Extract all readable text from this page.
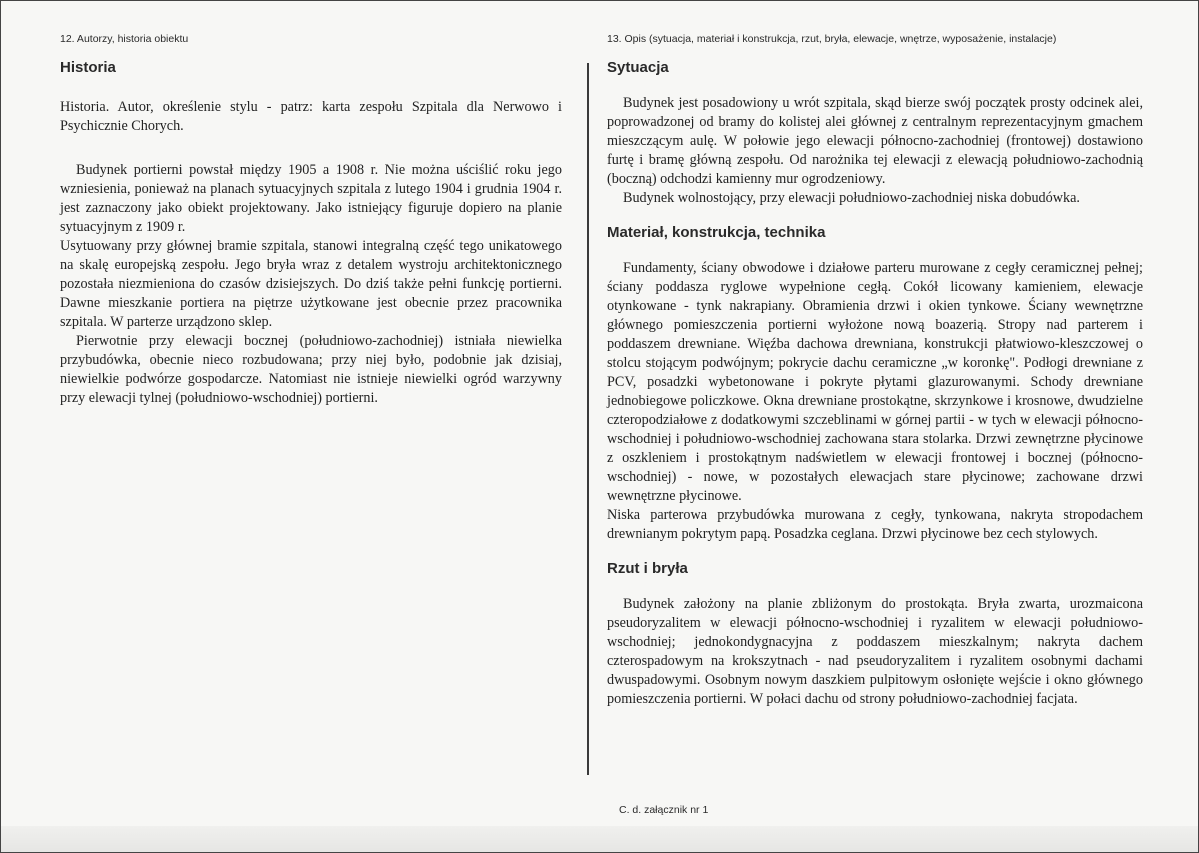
12. Autorzy, historia obiektu

Historia

Historia. Autor, określenie stylu - patrz: karta zespołu Szpitala dla Nerwowo i Psychicznie Chorych.

Budynek portierni powstał między 1905 a 1908 r. Nie można uściślić roku jego wzniesienia, ponieważ na planach sytuacyjnych szpitala z lutego 1904 i grudnia 1904 r. jest zaznaczony jako obiekt projektowany. Jako istniejący figuruje dopiero na planie sytuacyjnym z 1909 r.

Usytuowany przy głównej bramie szpitala, stanowi integralną część tego unikatowego na skalę europejską zespołu. Jego bryła wraz z detalem wystroju architektonicznego pozostała niezmieniona do czasów dzisiejszych. Do dziś także pełni funkcję portierni. Dawne mieszkanie portiera na piętrze użytkowane jest obecnie przez pracownika szpitala. W parterze urządzono sklep.

Pierwotnie przy elewacji bocznej (południowo-zachodniej) istniała niewielka przybudówka, obecnie nieco rozbudowana; przy niej było, podobnie jak dzisiaj, niewielkie podwórze gospodarcze. Natomiast nie istnieje niewielki ogród warzywny przy elewacji tylnej (południowo-wschodniej) portierni.

13. Opis (sytuacja, materiał i konstrukcja, rzut, bryła, elewacje, wnętrze, wyposażenie, instalacje)

Sytuacja

Budynek jest posadowiony u wrót szpitala, skąd bierze swój początek prosty odcinek alei, poprowadzonej od bramy do kolistej alei głównej z centralnym reprezentacyjnym gmachem mieszczącym aulę. W połowie jego elewacji północno-zachodniej (frontowej) dostawiono furtę i bramę główną zespołu. Od narożnika tej elewacji z elewacją południowo-zachodnią (boczną) odchodzi kamienny mur ogrodzeniowy.

Budynek wolnostojący, przy elewacji południowo-zachodniej niska dobudówka.

Materiał, konstrukcja, technika

Fundamenty, ściany obwodowe i działowe parteru murowane z cegły ceramicznej pełnej; ściany poddasza ryglowe wypełnione cegłą. Cokół licowany kamieniem, elewacje otynkowane - tynk nakrapiany. Obramienia drzwi i okien tynkowe. Ściany wewnętrzne głównego pomieszczenia portierni wyłożone nową boazerią. Stropy nad parterem i poddaszem drewniane. Więźba dachowa drewniana, konstrukcji płatwiowo-kleszczowej o stolcu stojącym podwójnym; pokrycie dachu ceramiczne „w koronkę". Podłogi drewniane z PCV, posadzki wybetonowane i pokryte płytami glazurowanymi. Schody drewniane jednobiegowe policzkowe. Okna drewniane prostokątne, skrzynkowe i krosnowe, dwudzielne czteropodziałowe z dodatkowymi szczeblinami w górnej partii - w tych w elewacji północno-wschodniej i południowo-wschodniej zachowana stara stolarka. Drzwi zewnętrzne płycinowe z oszkleniem i prostokątnym nadświetlem w elewacji frontowej i bocznej (północno-wschodniej) - nowe, w pozostałych elewacjach stare płycinowe; zachowane drzwi wewnętrzne płycinowe.

Niska parterowa przybudówka murowana z cegły, tynkowana, nakryta stropodachem drewnianym pokrytym papą. Posadzka ceglana. Drzwi płycinowe bez cech stylowych.

Rzut i bryła

Budynek założony na planie zbliżonym do prostokąta. Bryła zwarta, urozmaicona pseudoryzalitem w elewacji północno-wschodniej i ryzalitem w elewacji południowo-wschodniej; jednokondygnacyjna z poddaszem mieszkalnym; nakryta dachem czterospadowym na krokszytnach - nad pseudoryzalitem i ryzalitem osobnymi dachami dwuspadowymi. Osobnym nowym daszkiem pulpitowym osłonięte wejście i okno głównego pomieszczenia portierni. W połaci dachu od strony południowo-zachodniej facjata.

C. d. załącznik nr 1
